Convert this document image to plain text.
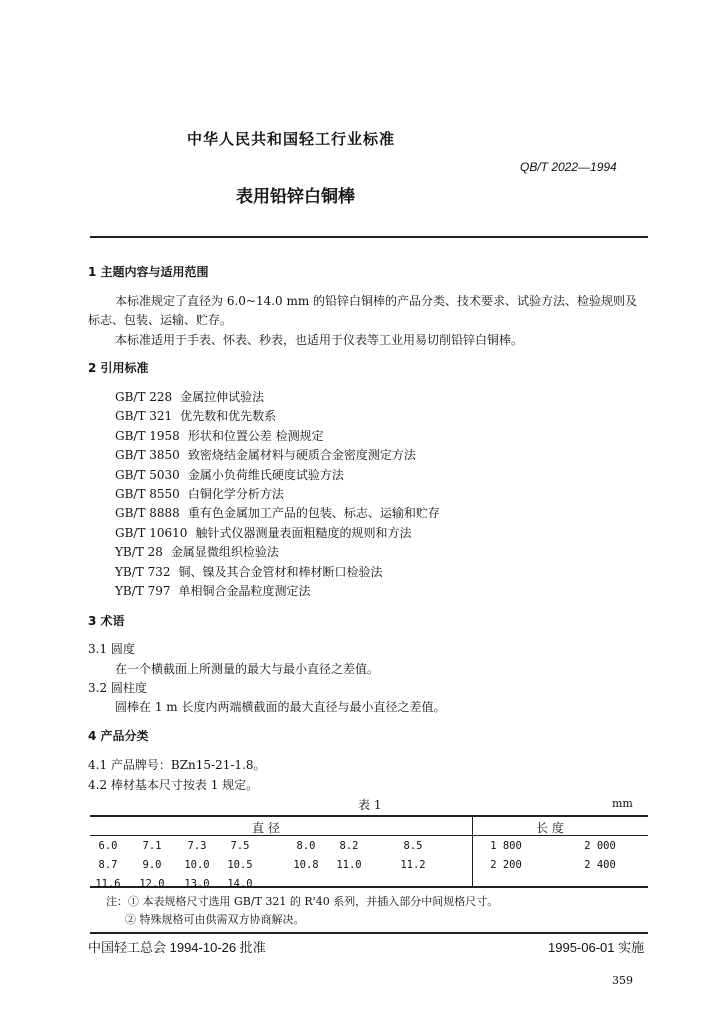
中华人民共和国轻工行业标准
QB/T 2022—1994
表用铅锌白铜棒
1 主题内容与适用范围
本标准规定了直径为 6.0~14.0 mm 的铅锌白铜棒的产品分类、技术要求、试验方法、检验规则及
标志、包装、运输、贮存。
本标准适用于手表、怀表、秒表，也适用于仪表等工业用易切削铅锌白铜棒。
2 引用标准
GB/T 228 金属拉伸试验法
GB/T 321 优先数和优先数系
GB/T 1958 形状和位置公差 检测规定
GB/T 3850 致密烧结金属材料与硬质合金密度测定方法
GB/T 5030 金属小负荷维氏硬度试验方法
GB/T 8550 白铜化学分析方法
GB/T 8888 重有色金属加工产品的包装、标志、运输和贮存
GB/T 10610 触针式仪器测量表面粗糙度的规则和方法
YB/T 28 金属显微组织检验法
YB/T 732 铜、镍及其合金管材和棒材断口检验法
YB/T 797 单相铜合金晶粒度测定法
3 术语
3.1 圆度
在一个横截面上所测量的最大与最小直径之差值。
3.2 圆柱度
圆棒在 1 m 长度内两端横截面的最大直径与最小直径之差值。
4 产品分类
4.1 产品牌号：BZn15-21-1.8。
4.2 棒材基本尺寸按表 1 规定。
表 1	mm
直 径	长 度
6.0	7.1	7.3	7.5	8.0	8.2	8.5	1 800	2 000
8.7	9.0	10.0	10.5	10.8	11.0	11.2	2 200	2 400
11.6	12.0	13.0	14.0
注：① 本表规格尺寸选用 GB/T 321 的 R'40 系列，并插入部分中间规格尺寸。
② 特殊规格可由供需双方协商解决。
中国轻工总会 1994-10-26 批准	1995-06-01 实施
359
